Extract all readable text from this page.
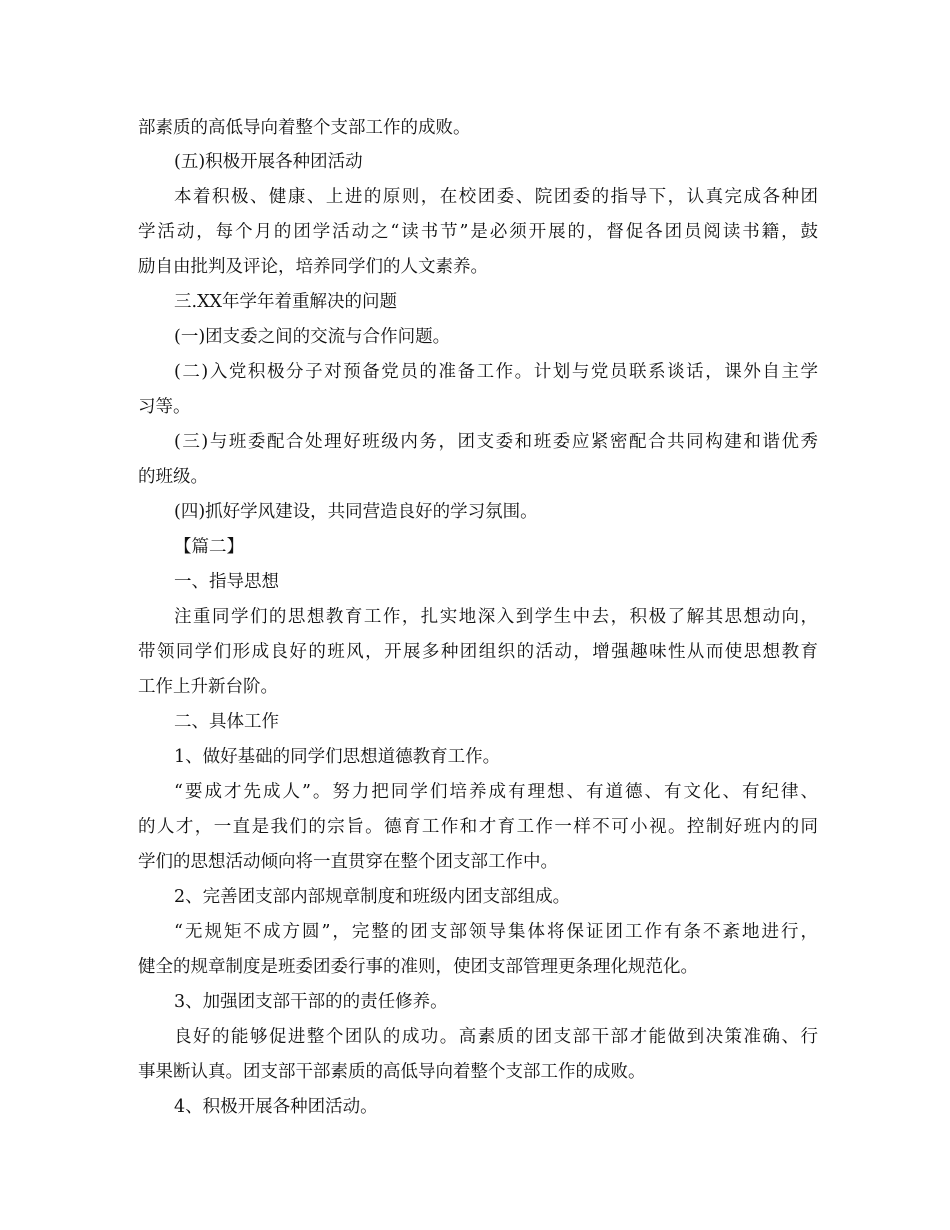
部素质的高低导向着整个支部工作的成败。
(五)积极开展各种团活动
本着积极、健康、上进的原则，在校团委、院团委的指导下，认真完成各种团
学活动，每个月的团学活动之“读书节”是必须开展的，督促各团员阅读书籍，鼓
励自由批判及评论，培养同学们的人文素养。
三.XX年学年着重解决的问题
(一)团支委之间的交流与合作问题。
(二)入党积极分子对预备党员的准备工作。计划与党员联系谈话，课外自主学
习等。
(三)与班委配合处理好班级内务，团支委和班委应紧密配合共同构建和谐优秀
的班级。
(四)抓好学风建设，共同营造良好的学习氛围。
【篇二】
一、指导思想
注重同学们的思想教育工作，扎实地深入到学生中去，积极了解其思想动向，
带领同学们形成良好的班风，开展多种团组织的活动，增强趣味性从而使思想教育
工作上升新台阶。
二、具体工作
1、做好基础的同学们思想道德教育工作。
“要成才先成人”。努力把同学们培养成有理想、有道德、有文化、有纪律、
的人才，一直是我们的宗旨。德育工作和才育工作一样不可小视。控制好班内的同
学们的思想活动倾向将一直贯穿在整个团支部工作中。
2、完善团支部内部规章制度和班级内团支部组成。
“无规矩不成方圆”，完整的团支部领导集体将保证团工作有条不紊地进行，
健全的规章制度是班委团委行事的准则，使团支部管理更条理化规范化。
3、加强团支部干部的的责任修养。
良好的能够促进整个团队的成功。高素质的团支部干部才能做到决策准确、行
事果断认真。团支部干部素质的高低导向着整个支部工作的成败。
4、积极开展各种团活动。
